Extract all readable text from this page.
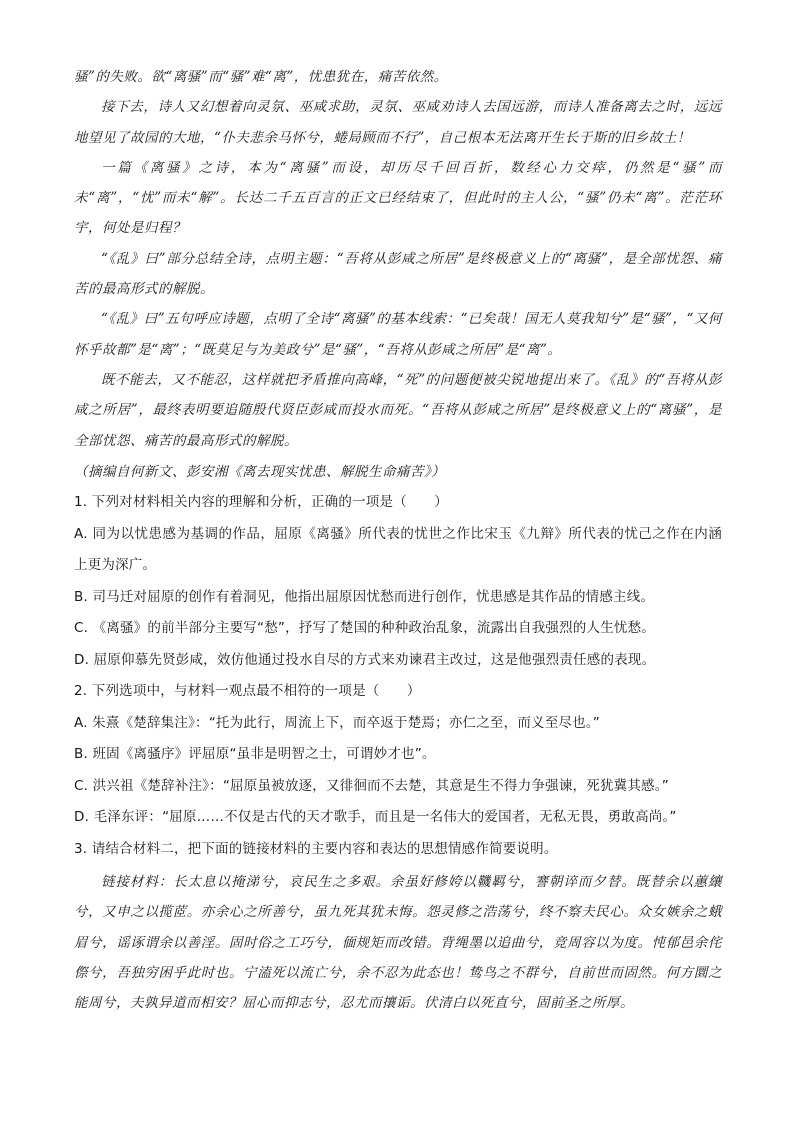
骚”的失败。欲“离骚”而“骚”难“离”，忧患犹在，痛苦依然。

接下去，诗人又幻想着向灵氛、巫咸求助，灵氛、巫咸劝诗人去国远游，而诗人准备离去之时，远远地望见了故园的大地，“仆夫悲余马怀兮，蜷局顾而不行”，自己根本无法离开生长于斯的旧乡故土！

一篇《离骚》之诗，本为“离骚”而设，却历尽千回百折，数经心力交瘁，仍然是“骚”而未“离”，“忧”而未“解”。长达二千五百言的正文已经结束了，但此时的主人公，“骚”仍未“离”。茫茫环宇，何处是归程？

“《乱》曰”部分总结全诗，点明主题：“吾将从彭咸之所居”是终极意义上的“离骚”，是全部忧怨、痛苦的最高形式的解脱。

“《乱》曰”五句呼应诗题，点明了全诗“离骚”的基本线索：“已矣哉！国无人莫我知兮”是“骚”，“又何怀乎故都”是“离”；“既莫足与为美政兮”是“骚”，“吾将从彭咸之所居”是“离”。

既不能去，又不能忍，这样就把矛盾推向高峰，“死”的问题便被尖锐地提出来了。《乱》的“吾将从彭咸之所居”，最终表明要追随殷代贤臣彭咸而投水而死。“吾将从彭咸之所居”是终极意义上的“离骚”，是全部忧怨、痛苦的最高形式的解脱。

（摘编自何新文、彭安湘《离去现实忧患、解脱生命痛苦》）

1. 下列对材料相关内容的理解和分析，正确的一项是（　　）

A. 同为以忧患感为基调的作品，屈原《离骚》所代表的忧世之作比宋玉《九辩》所代表的忧己之作在内涵上更为深广。

B. 司马迁对屈原的创作有着洞见，他指出屈原因忧愁而进行创作，忧患感是其作品的情感主线。

C. 《离骚》的前半部分主要写“愁”，抒写了楚国的种种政治乱象，流露出自我强烈的人生忧愁。

D. 屈原仰慕先贤彭咸，效仿他通过投水自尽的方式来劝谏君主改过，这是他强烈责任感的表现。

2. 下列选项中，与材料一观点最不相符的一项是（　　）

A. 朱熹《楚辞集注》：“托为此行，周流上下，而卒返于楚焉；亦仁之至，而义至尽也。”

B. 班固《离骚序》评屈原“虽非是明智之士，可谓妙才也”。

C. 洪兴祖《楚辞补注》：“屈原虽被放逐，又徘徊而不去楚，其意是生不得力争强谏，死犹冀其感。”

D. 毛泽东评：“屈原……不仅是古代的天才歌手，而且是一名伟大的爱国者，无私无畏，勇敢高尚。”

3. 请结合材料二，把下面的链接材料的主要内容和表达的思想情感作简要说明。

链接材料：长太息以掩涕兮，哀民生之多艰。余虽好修姱以鞿羁兮，謇朝谇而夕替。既替余以蕙纕兮，又申之以揽茝。亦余心之所善兮，虽九死其犹未悔。怨灵修之浩荡兮，终不察夫民心。众女嫉余之蛾眉兮，谣诼谓余以善淫。固时俗之工巧兮，偭规矩而改错。背绳墨以追曲兮，竞周容以为度。忳郁邑余侘傺兮，吾独穷困乎此时也。宁溘死以流亡兮，余不忍为此态也！鸷鸟之不群兮，自前世而固然。何方圜之能周兮，夫孰异道而相安？屈心而抑志兮，忍尤而攘诟。伏清白以死直兮，固前圣之所厚。
